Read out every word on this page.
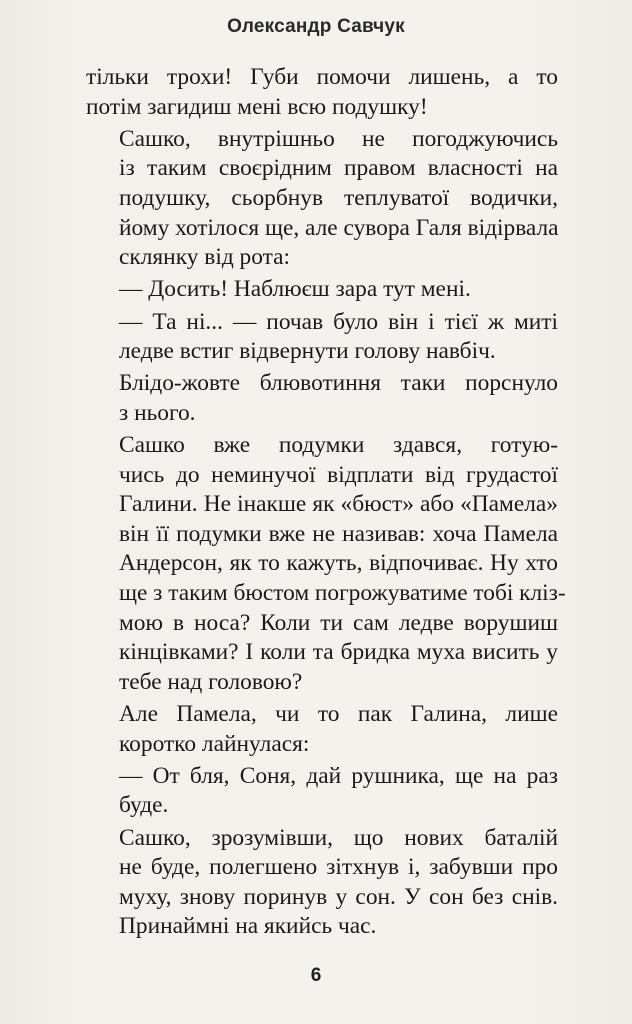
Олександр Савчук
тільки трохи! Губи помочи лишень, а то
потім загидиш мені всю подушку!
Сашко, внутрішньо не погоджуючись
із таким своєрідним правом власності на
подушку, сьорбнув теплуватої водички,
йому хотілося ще, але сувора Галя відірвала
склянку від рота:
— Досить! Наблюєш зара тут мені.
— Та ні... — почав було він і тієї ж миті
ледве встиг відвернути голову навбіч.
Блідо-жовте блювотиння таки порснуло
з нього.
Сашко вже подумки здався, готую-
чись до неминучої відплати від грудастої
Галини. Не інакше як «бюст» або «Памела»
він її подумки вже не називав: хоча Памела
Андерсон, як то кажуть, відпочиває. Ну хто
ще з таким бюстом погрожуватиме тобі кліз-
мою в носа? Коли ти сам ледве ворушиш
кінцівками? І коли та бридка муха висить у
тебе над головою?
Але Памела, чи то пак Галина, лише
коротко лайнулася:
— От бля, Соня, дай рушника, ще на раз
буде.
Сашко, зрозумівши, що нових баталій
не буде, полегшено зітхнув і, забувши про
муху, знову поринув у сон. У сон без снів.
Принаймні на якийсь час.
6
